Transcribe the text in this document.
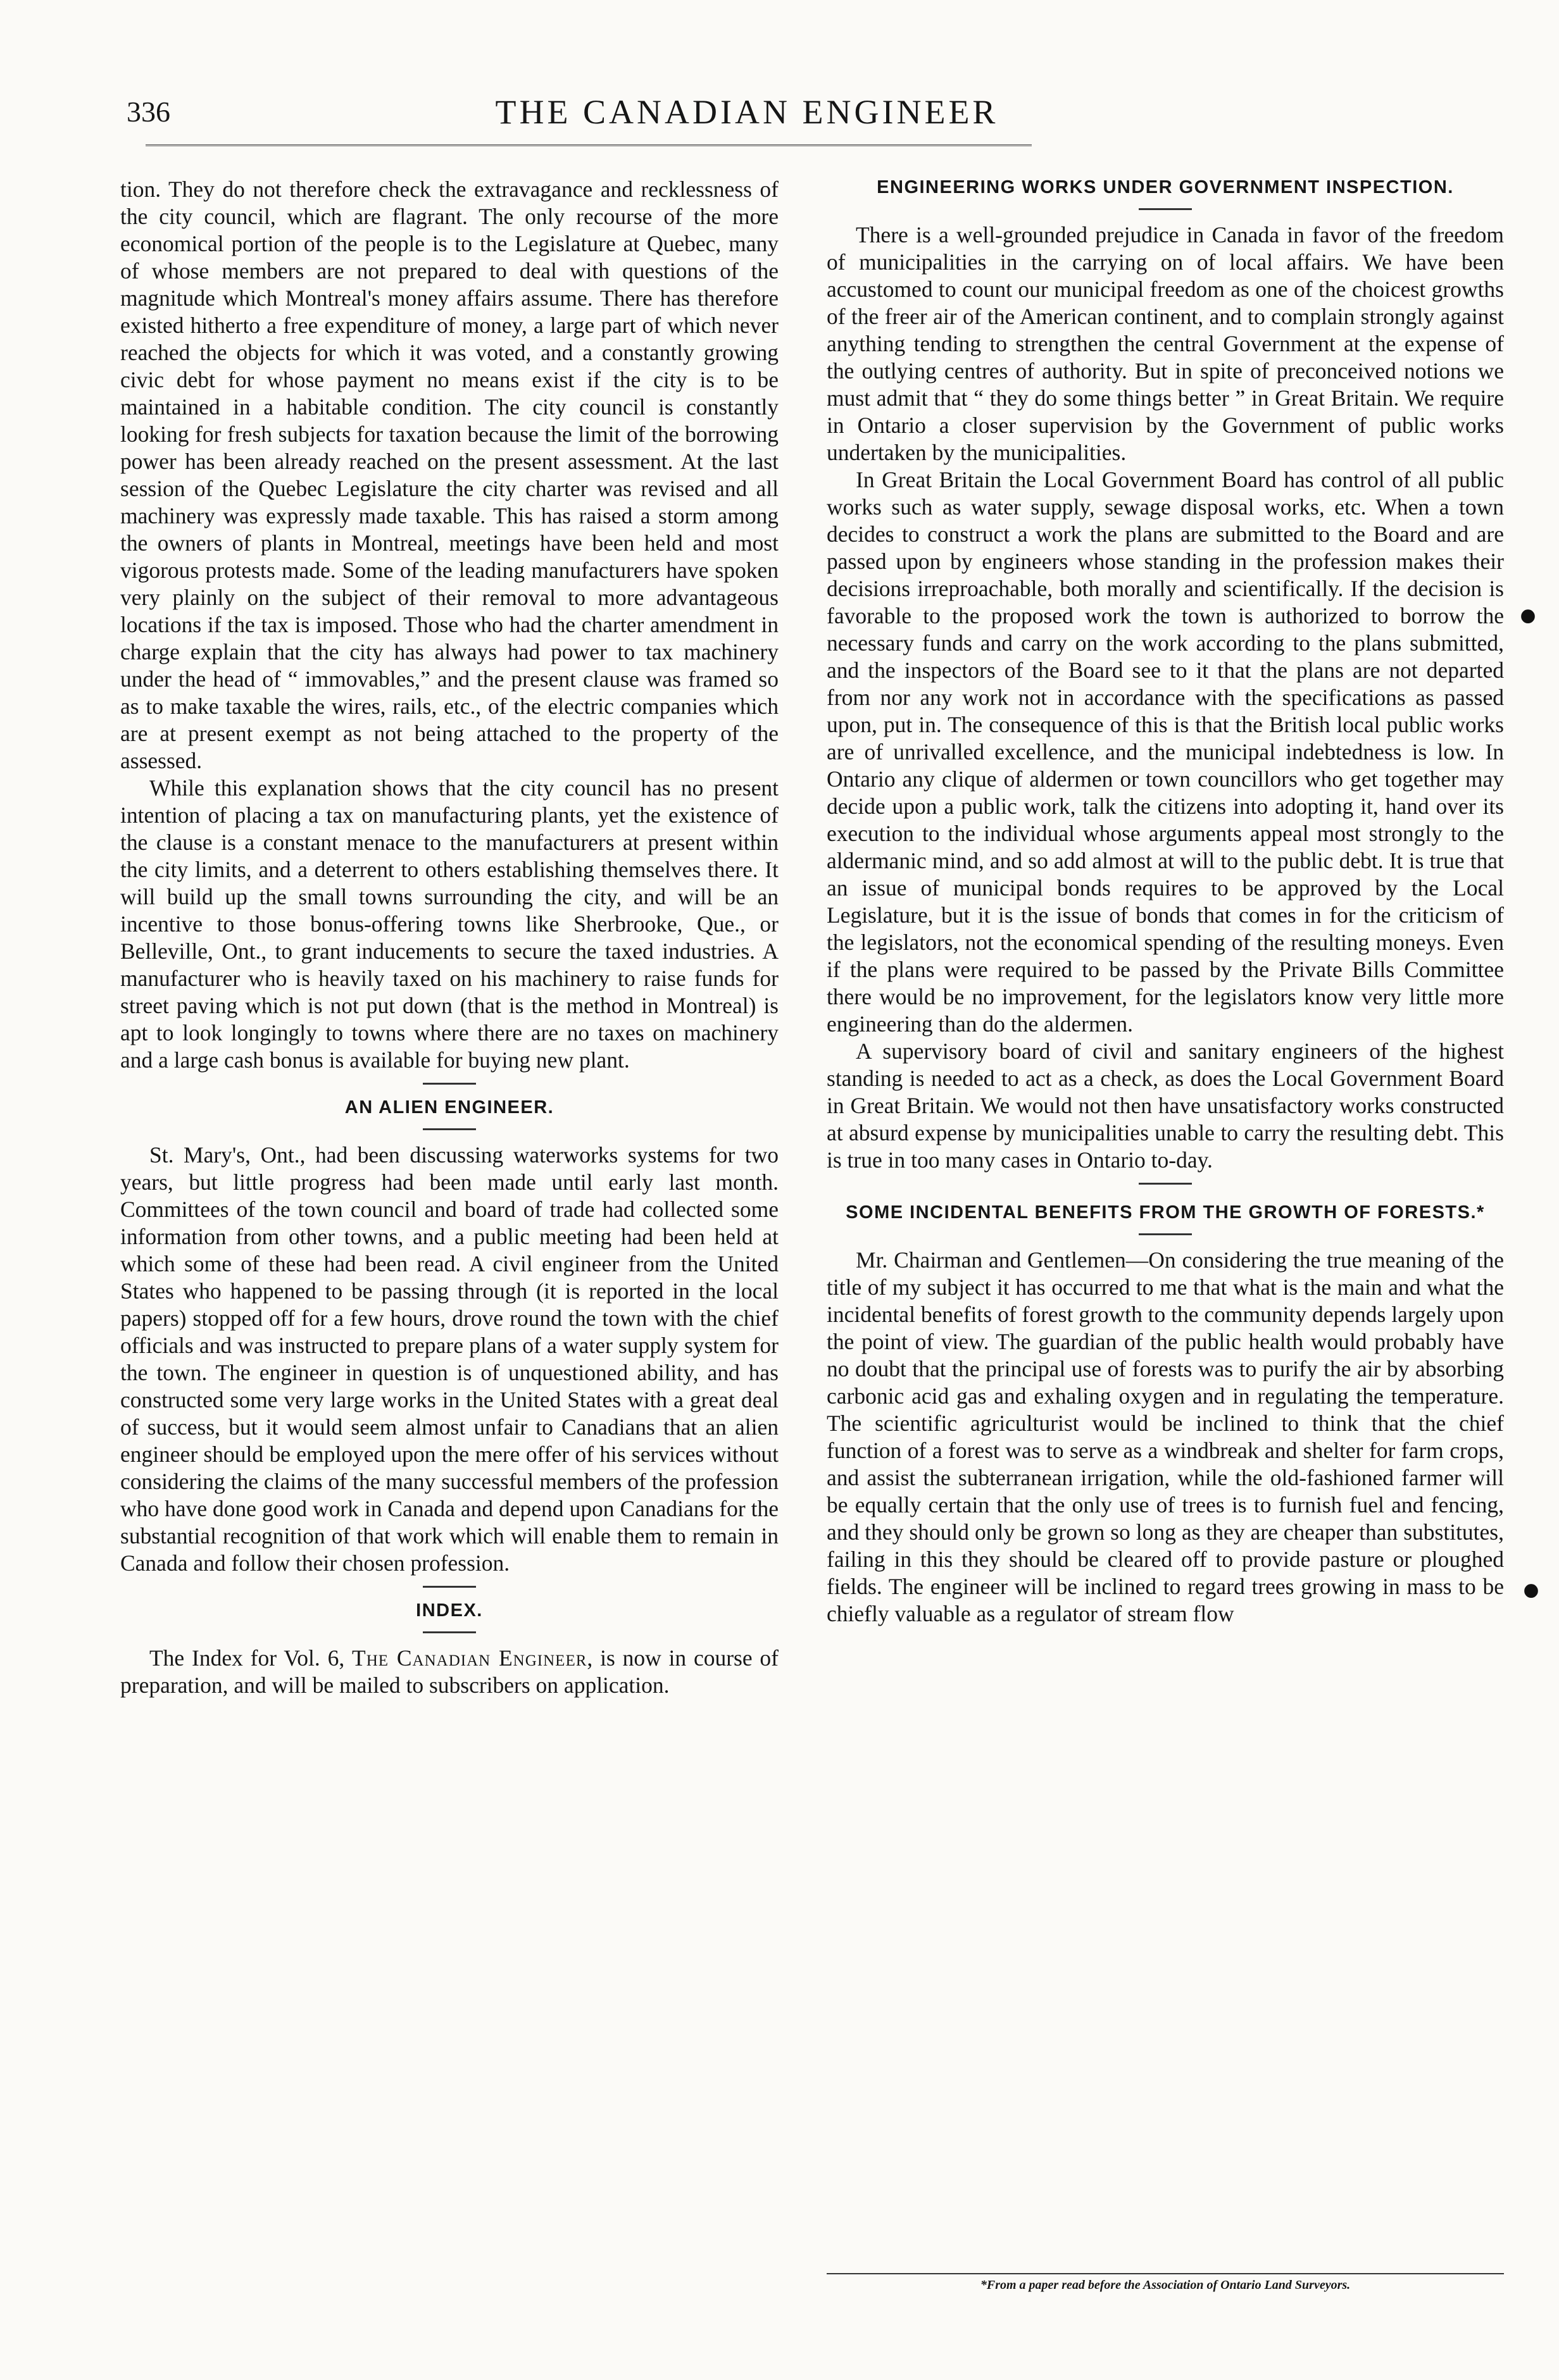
336	THE CANADIAN ENGINEER

tion. They do not therefore check the extravagance and recklessness of the city council, which are flagrant. The only recourse of the more economical portion of the people is to the Legislature at Quebec, many of whose members are not prepared to deal with questions of the magnitude which Montreal's money affairs assume. There has therefore existed hitherto a free expenditure of money, a large part of which never reached the objects for which it was voted, and a constantly growing civic debt for whose payment no means exist if the city is to be maintained in a habitable condition. The city council is constantly looking for fresh subjects for taxation because the limit of the borrowing power has been already reached on the present assessment. At the last session of the Quebec Legislature the city charter was revised and all machinery was expressly made taxable. This has raised a storm among the owners of plants in Montreal, meetings have been held and most vigorous protests made. Some of the leading manufacturers have spoken very plainly on the subject of their removal to more advantageous locations if the tax is imposed. Those who had the charter amendment in charge explain that the city has always had power to tax machinery under the head of “ immovables,” and the present clause was framed so as to make taxable the wires, rails, etc., of the electric companies which are at present exempt as not being attached to the property of the assessed.

While this explanation shows that the city council has no present intention of placing a tax on manufacturing plants, yet the existence of the clause is a constant menace to the manufacturers at present within the city limits, and a deterrent to others establishing themselves there. It will build up the small towns surrounding the city, and will be an incentive to those bonus-offering towns like Sherbrooke, Que., or Belleville, Ont., to grant inducements to secure the taxed industries. A manufacturer who is heavily taxed on his machinery to raise funds for street paving which is not put down (that is the method in Montreal) is apt to look longingly to towns where there are no taxes on machinery and a large cash bonus is available for buying new plant.

AN ALIEN ENGINEER.

St. Mary's, Ont., had been discussing waterworks systems for two years, but little progress had been made until early last month. Committees of the town council and board of trade had collected some information from other towns, and a public meeting had been held at which some of these had been read. A civil engineer from the United States who happened to be passing through (it is reported in the local papers) stopped off for a few hours, drove round the town with the chief officials and was instructed to prepare plans of a water supply system for the town. The engineer in question is of unquestioned ability, and has constructed some very large works in the United States with a great deal of success, but it would seem almost unfair to Canadians that an alien engineer should be employed upon the mere offer of his services without considering the claims of the many successful members of the profession who have done good work in Canada and depend upon Canadians for the substantial recognition of that work which will enable them to remain in Canada and follow their chosen profession.

INDEX.

The Index for Vol. 6, The Canadian Engineer, is now in course of preparation, and will be mailed to subscribers on application.

ENGINEERING WORKS UNDER GOVERNMENT INSPECTION.

There is a well-grounded prejudice in Canada in favor of the freedom of municipalities in the carrying on of local affairs. We have been accustomed to count our municipal freedom as one of the choicest growths of the freer air of the American continent, and to complain strongly against anything tending to strengthen the central Government at the expense of the outlying centres of authority. But in spite of preconceived notions we must admit that “ they do some things better ” in Great Britain. We require in Ontario a closer supervision by the Government of public works undertaken by the municipalities.

In Great Britain the Local Government Board has control of all public works such as water supply, sewage disposal works, etc. When a town decides to construct a work the plans are submitted to the Board and are passed upon by engineers whose standing in the profession makes their decisions irreproachable, both morally and scientifically. If the decision is favorable to the proposed work the town is authorized to borrow the necessary funds and carry on the work according to the plans submitted, and the inspectors of the Board see to it that the plans are not departed from nor any work not in accordance with the specifications as passed upon, put in. The consequence of this is that the British local public works are of unrivalled excellence, and the municipal indebtedness is low. In Ontario any clique of aldermen or town councillors who get together may decide upon a public work, talk the citizens into adopting it, hand over its execution to the individual whose arguments appeal most strongly to the aldermanic mind, and so add almost at will to the public debt. It is true that an issue of municipal bonds requires to be approved by the Local Legislature, but it is the issue of bonds that comes in for the criticism of the legislators, not the economical spending of the resulting moneys. Even if the plans were required to be passed by the Private Bills Committee there would be no improvement, for the legislators know very little more engineering than do the aldermen.

A supervisory board of civil and sanitary engineers of the highest standing is needed to act as a check, as does the Local Government Board in Great Britain. We would not then have unsatisfactory works constructed at absurd expense by municipalities unable to carry the resulting debt. This is true in too many cases in Ontario to-day.

SOME INCIDENTAL BENEFITS FROM THE GROWTH OF FORESTS.*

Mr. Chairman and Gentlemen—On considering the true meaning of the title of my subject it has occurred to me that what is the main and what the incidental benefits of forest growth to the community depends largely upon the point of view. The guardian of the public health would probably have no doubt that the principal use of forests was to purify the air by absorbing carbonic acid gas and exhaling oxygen and in regulating the temperature. The scientific agriculturist would be inclined to think that the chief function of a forest was to serve as a windbreak and shelter for farm crops, and assist the subterranean irrigation, while the old-fashioned farmer will be equally certain that the only use of trees is to furnish fuel and fencing, and they should only be grown so long as they are cheaper than substitutes, failing in this they should be cleared off to provide pasture or ploughed fields. The engineer will be inclined to regard trees growing in mass to be chiefly valuable as a regulator of stream flow

*From a paper read before the Association of Ontario Land Surveyors.
•
•
